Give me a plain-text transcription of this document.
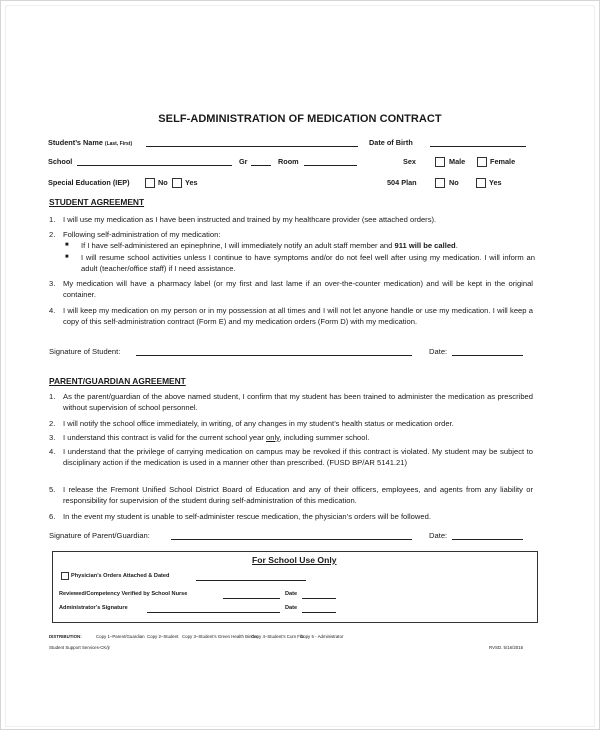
SELF-ADMINISTRATION OF MEDICATION CONTRACT
Student’s Name (Last, First)	Date of Birth
School	Gr	Room	Sex	Male	Female
Special Education (IEP)	No Yes	504 Plan	No	Yes
STUDENT AGREEMENT
1. I will use my medication as I have been instructed and trained by my healthcare provider (see attached orders).
2. Following self-administration of my medication:
■ If I have self-administered an epinephrine, I will immediately notify an adult staff member and 911 will be called.
■ I will resume school activities unless I continue to have symptoms and/or do not feel well after using my medication. I will inform an adult (teacher/office staff) if I need assistance.
3. My medication will have a pharmacy label (or my first and last lame if an over-the-counter medication) and will be kept in the original container.
4. I will keep my medication on my person or in my possession at all times and I will not let anyone handle or use my medication. I will keep a copy of this self-administration contract (Form E) and my medication orders (Form D) with my medication.
Signature of Student:	Date:
PARENT/GUARDIAN AGREEMENT
1. As the parent/guardian of the above named student, I confirm that my student has been trained to administer the medication as prescribed without supervision of school personnel.
2. I will notify the school office immediately, in writing, of any changes in my student’s health status or medication order.
3. I understand this contract is valid for the current school year only, including summer school.
4. I understand that the privilege of carrying medication on campus may be revoked if this contract is violated. My student may be subject to disciplinary action if the medication is used in a manner other than prescribed. (FUSD BP/AR 5141.21)
5. I release the Fremont Unified School District Board of Education and any of their officers, employees, and agents from any liability or responsibility for supervision of the student during self-administration of this medication.
6. In the event my student is unable to self-administer rescue medication, the physician’s orders will be followed.
Signature of Parent/Guardian:	Date:
For School Use Only
Physician’s Orders Attached & Dated
Reviewed/Competency Verified by School Nurse	Date
Administrator’s Signature	Date
DISTRIBUTION:	Copy 1–Parent/Guardian Copy 2–Student Copy 3–Student’s Green Health Binder
Copy 4–Student’s Cum File
Copy 5 - Administrator
Student Support Services-CK/jr	RVSD. 5/16/2016
